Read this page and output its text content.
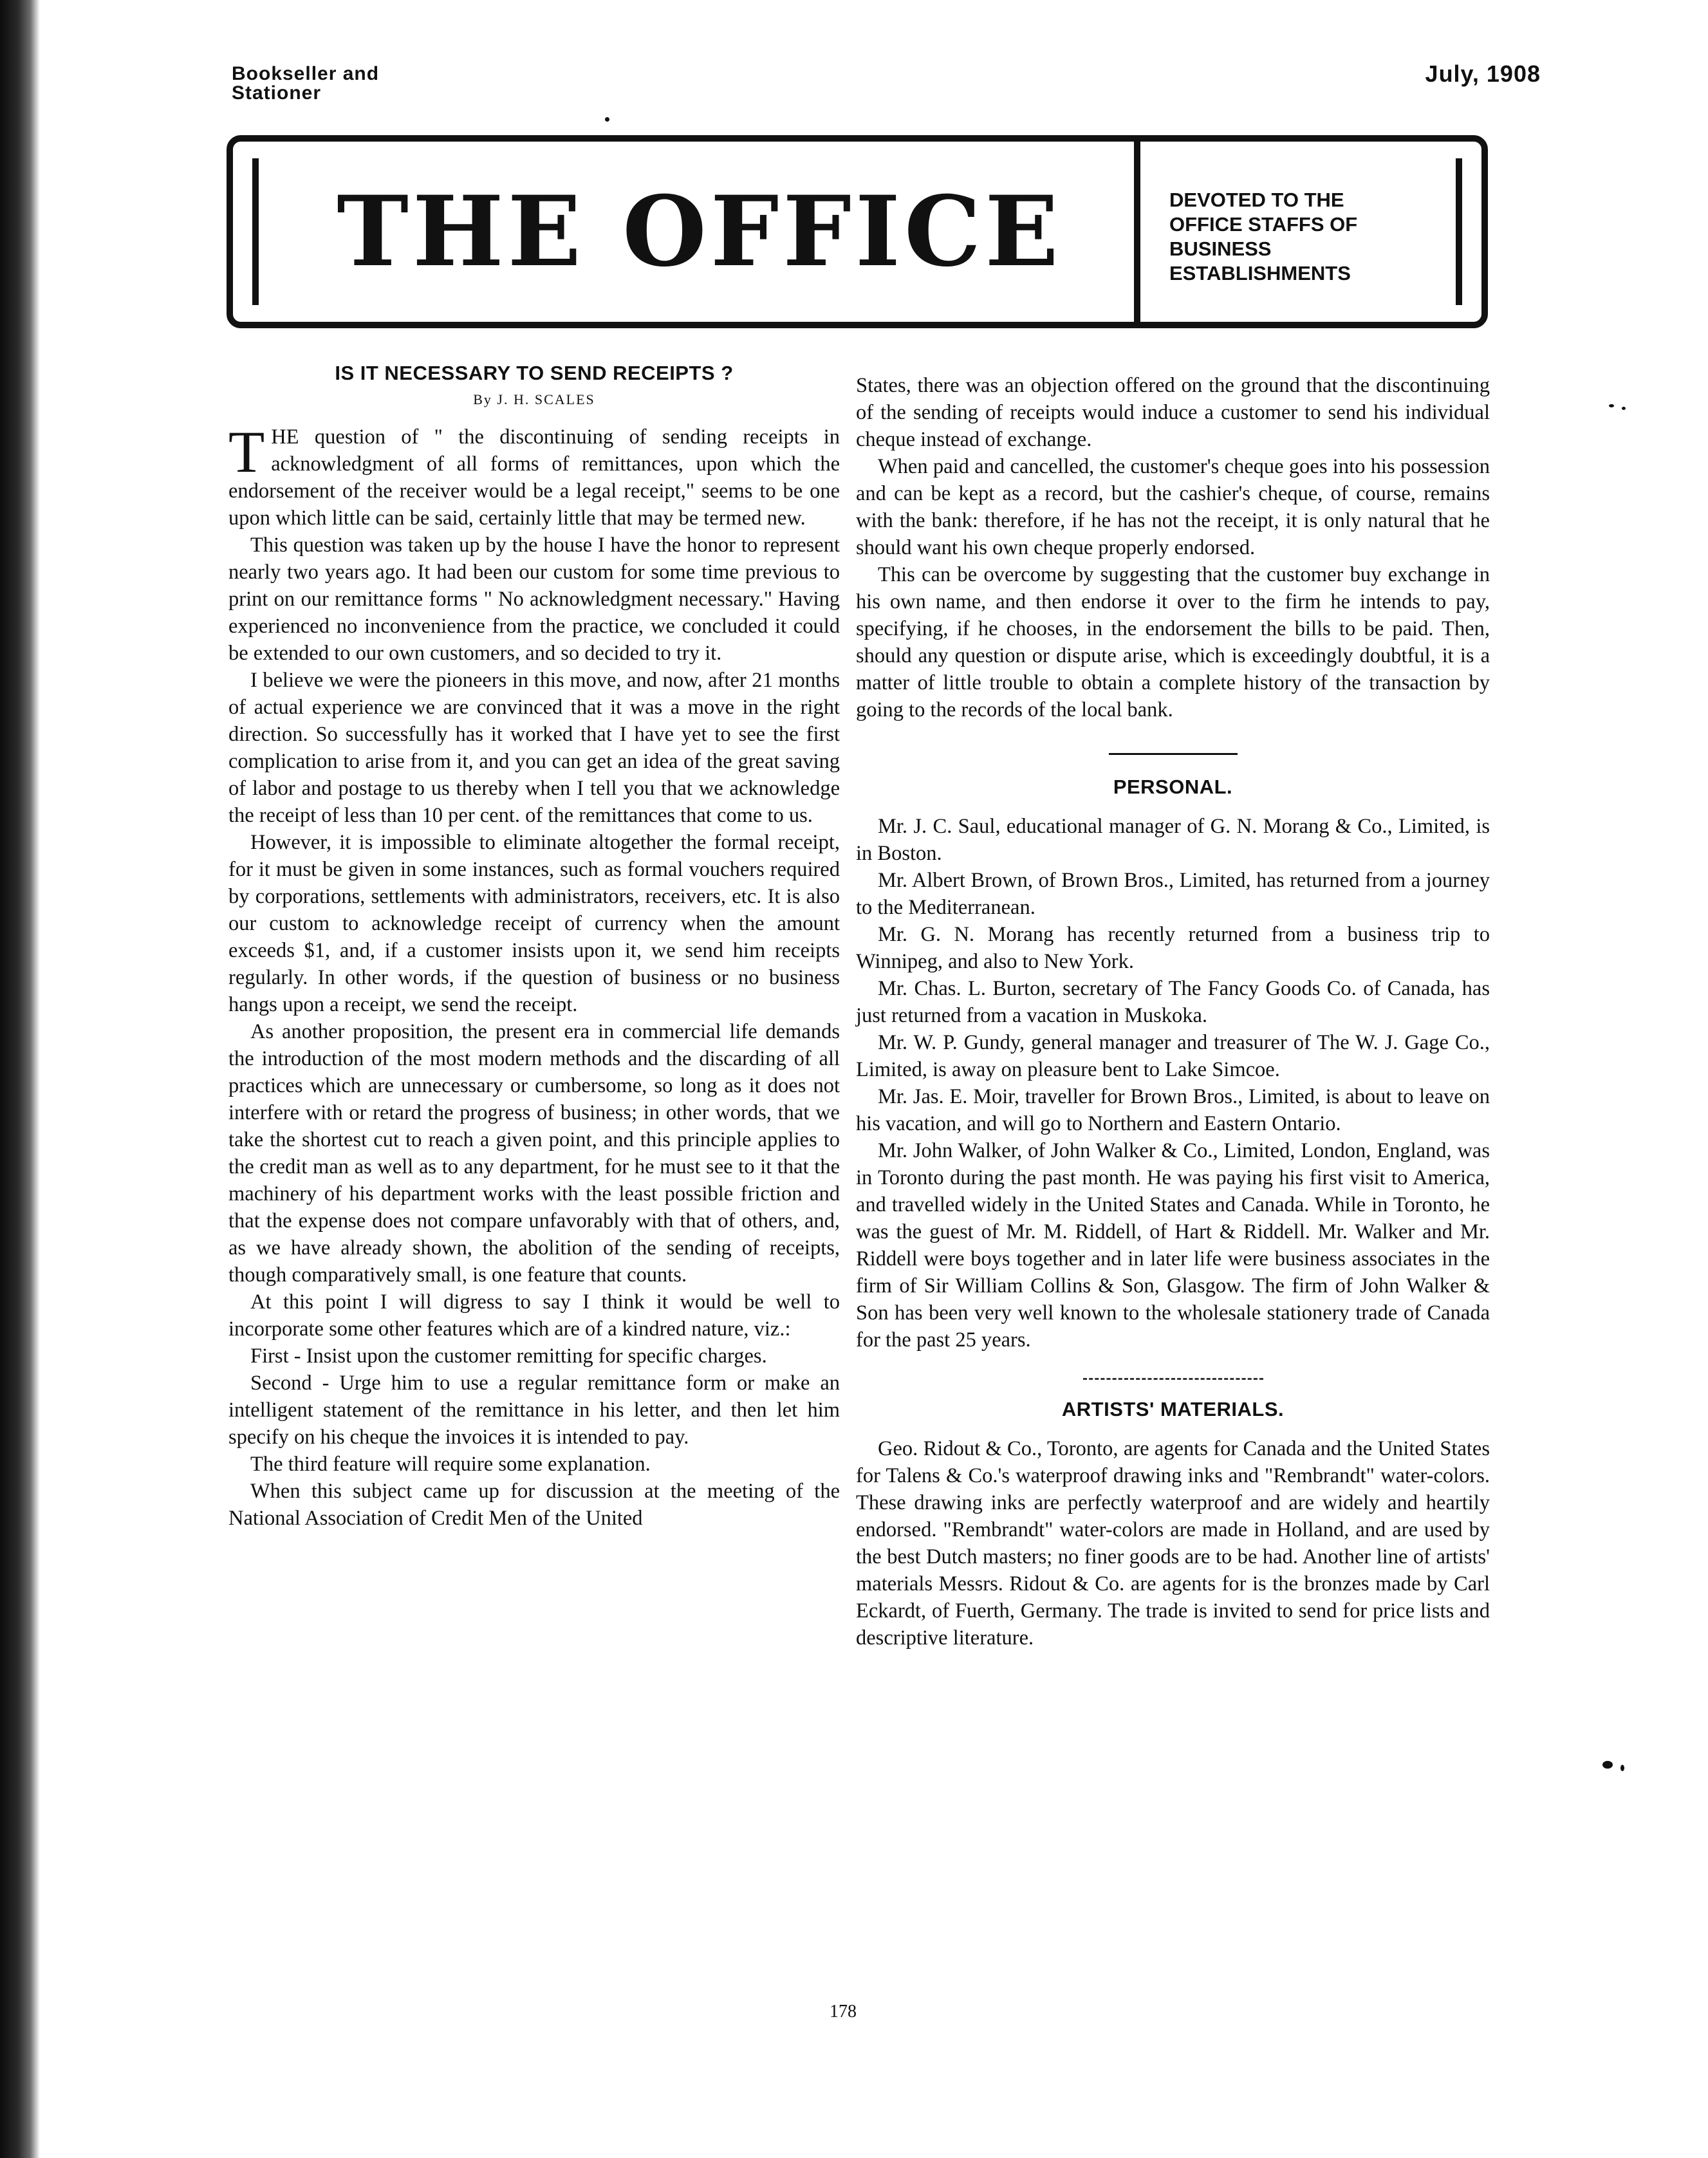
Bookseller and
Stationer
July, 1908
THE OFFICE	DEVOTED TO THE
OFFICE STAFFS OF
BUSINESS
ESTABLISHMENTS
IS IT NECESSARY TO SEND RECEIPTS ?
By J. H. SCALES

THE question of " the discontinuing of sending receipts in acknowledgment of all forms of remittances, upon which the endorsement of the receiver would be a legal receipt," seems to be one upon which little can be said, certainly little that may be termed new.

This question was taken up by the house I have the honor to represent nearly two years ago. It had been our custom for some time previous to print on our remittance forms " No acknowledgment necessary." Having experienced no inconvenience from the practice, we concluded it could be extended to our own customers, and so decided to try it.

I believe we were the pioneers in this move, and now, after 21 months of actual experience we are convinced that it was a move in the right direction. So successfully has it worked that I have yet to see the first complication to arise from it, and you can get an idea of the great saving of labor and postage to us thereby when I tell you that we acknowledge the receipt of less than 10 per cent. of the remittances that come to us.

However, it is impossible to eliminate altogether the formal receipt, for it must be given in some instances, such as formal vouchers required by corporations, settlements with administrators, receivers, etc. It is also our custom to acknowledge receipt of currency when the amount exceeds $1, and, if a customer insists upon it, we send him receipts regularly. In other words, if the question of business or no business hangs upon a receipt, we send the receipt.

As another proposition, the present era in commercial life demands the introduction of the most modern methods and the discarding of all practices which are unnecessary or cumbersome, so long as it does not interfere with or retard the progress of business; in other words, that we take the shortest cut to reach a given point, and this principle applies to the credit man as well as to any department, for he must see to it that the machinery of his department works with the least possible friction and that the expense does not compare unfavorably with that of others, and, as we have already shown, the abolition of the sending of receipts, though comparatively small, is one feature that counts.

At this point I will digress to say I think it would be well to incorporate some other features which are of a kindred nature, viz.:

First - Insist upon the customer remitting for specific charges.

Second - Urge him to use a regular remittance form or make an intelligent statement of the remittance in his letter, and then let him specify on his cheque the invoices it is intended to pay.

The third feature will require some explanation.

When this subject came up for discussion at the meeting of the National Association of Credit Men of the United

States, there was an objection offered on the ground that the discontinuing of the sending of receipts would induce a customer to send his individual cheque instead of exchange.

When paid and cancelled, the customer's cheque goes into his possession and can be kept as a record, but the cashier's cheque, of course, remains with the bank: therefore, if he has not the receipt, it is only natural that he should want his own cheque properly endorsed.

This can be overcome by suggesting that the customer buy exchange in his own name, and then endorse it over to the firm he intends to pay, specifying, if he chooses, in the endorsement the bills to be paid. Then, should any question or dispute arise, which is exceedingly doubtful, it is a matter of little trouble to obtain a complete history of the transaction by going to the records of the local bank.

PERSONAL.

Mr. J. C. Saul, educational manager of G. N. Morang & Co., Limited, is in Boston.

Mr. Albert Brown, of Brown Bros., Limited, has returned from a journey to the Mediterranean.

Mr. G. N. Morang has recently returned from a business trip to Winnipeg, and also to New York.

Mr. Chas. L. Burton, secretary of The Fancy Goods Co. of Canada, has just returned from a vacation in Muskoka.

Mr. W. P. Gundy, general manager and treasurer of The W. J. Gage Co., Limited, is away on pleasure bent to Lake Simcoe.

Mr. Jas. E. Moir, traveller for Brown Bros., Limited, is about to leave on his vacation, and will go to Northern and Eastern Ontario.

Mr. John Walker, of John Walker & Co., Limited, London, England, was in Toronto during the past month. He was paying his first visit to America, and travelled widely in the United States and Canada. While in Toronto, he was the guest of Mr. M. Riddell, of Hart & Riddell. Mr. Walker and Mr. Riddell were boys together and in later life were business associates in the firm of Sir William Collins & Son, Glasgow. The firm of John Walker & Son has been very well known to the wholesale stationery trade of Canada for the past 25 years.

ARTISTS' MATERIALS.

Geo. Ridout & Co., Toronto, are agents for Canada and the United States for Talens & Co.'s waterproof drawing inks and "Rembrandt" water-colors. These drawing inks are perfectly waterproof and are widely and heartily endorsed. "Rembrandt" water-colors are made in Holland, and are used by the best Dutch masters; no finer goods are to be had. Another line of artists' materials Messrs. Ridout & Co. are agents for is the bronzes made by Carl Eckardt, of Fuerth, Germany. The trade is invited to send for price lists and descriptive literature.

178
